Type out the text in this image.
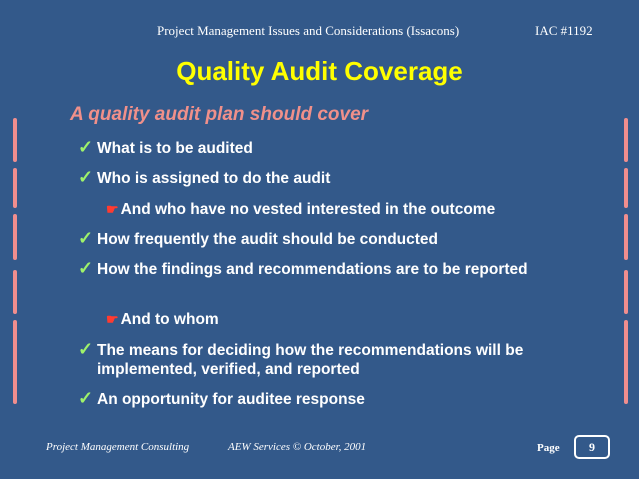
Project Management Issues and Considerations (Issacons)	IAC #1192
Quality Audit Coverage
A quality audit plan should cover
✓ What is to be audited
✓ Who is assigned to do the audit
☛ And who have no vested interested in the outcome
✓ How frequently the audit should be conducted
✓ How the findings and recommendations are to be reported
☛ And to whom
✓ The means for deciding how the recommendations will be implemented, verified, and reported
✓ An opportunity for auditee response
Project Management Consulting	AEW Services © October, 2001	Page	9
